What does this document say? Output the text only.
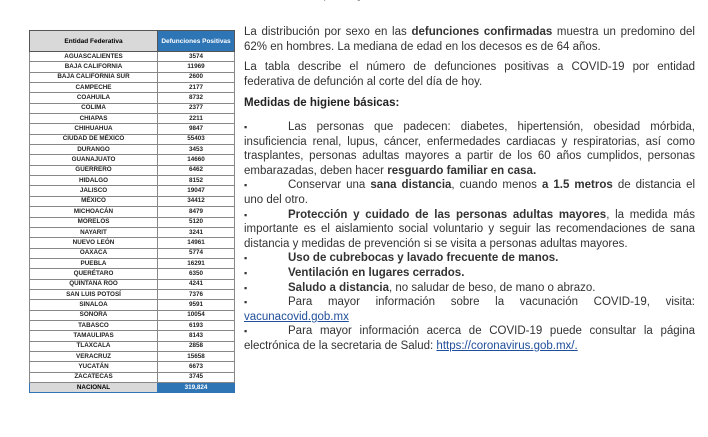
Entidad Federativa	Defunciones Positivas
AGUASCALIENTES	3574
BAJA CALIFORNIA	11969
BAJA CALIFORNIA SUR	2600
CAMPECHE	2177
COAHUILA	8732
COLIMA	2377
CHIAPAS	2211
CHIHUAHUA	9847
CIUDAD DE MÉXICO	55403
DURANGO	3453
GUANAJUATO	14660
GUERRERO	6462
HIDALGO	8152
JALISCO	19047
MÉXICO	34412
MICHOACÁN	8479
MORELOS	5120
NAYARIT	3241
NUEVO LEÓN	14961
OAXACA	5774
PUEBLA	16291
QUERÉTARO	6350
QUINTANA ROO	4241
SAN LUIS POTOSÍ	7376
SINALOA	9591
SONORA	10054
TABASCO	6193
TAMAULIPAS	8143
TLAXCALA	2858
VERACRUZ	15658
YUCATÁN	6673
ZACATECAS	3745
NACIONAL	319,824

La distribución por sexo en las defunciones confirmadas muestra un predomino del 62% en hombres. La mediana de edad en los decesos es de 64 años.

La tabla describe el número de defunciones positivas a COVID-19 por entidad federativa de defunción al corte del día de hoy.

Medidas de higiene básicas:

▪	Las personas que padecen: diabetes, hipertensión, obesidad mórbida, insuficiencia renal, lupus, cáncer, enfermedades cardiacas y respiratorias, así como trasplantes, personas adultas mayores a partir de los 60 años cumplidos, personas embarazadas, deben hacer resguardo familiar en casa.

▪	Conservar una sana distancia, cuando menos a 1.5 metros de distancia el uno del otro.

▪	Protección y cuidado de las personas adultas mayores, la medida más importante es el aislamiento social voluntario y seguir las recomendaciones de sana distancia y medidas de prevención si se visita a personas adultas mayores.

▪	Uso de cubrebocas y lavado frecuente de manos.

▪	Ventilación en lugares cerrados.

▪	Saludo a distancia, no saludar de beso, de mano o abrazo.

▪	Para mayor información sobre la vacunación COVID-19, visita: vacunacovid.gob.mx

▪	Para mayor información acerca de COVID-19 puede consultar la página electrónica de la secretaria de Salud: https://coronavirus.gob.mx/.
